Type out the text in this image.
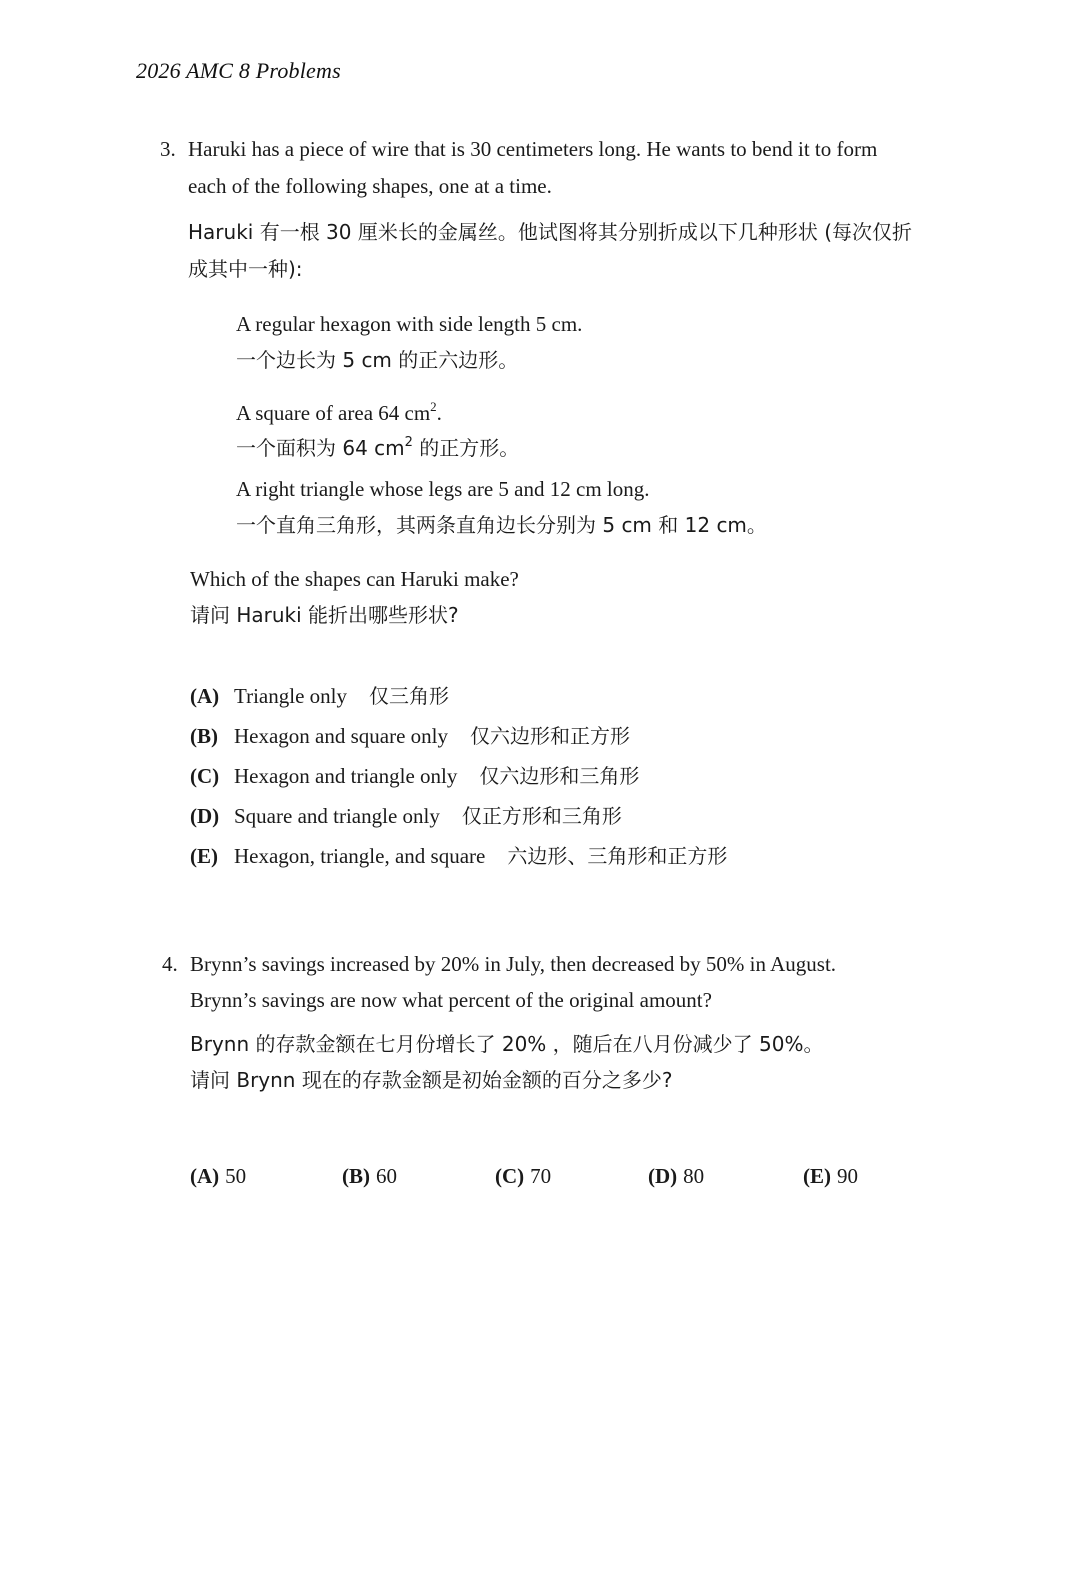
2026 AMC 8 Problems
3. Haruki has a piece of wire that is 30 centimeters long. He wants to bend it to form
each of the following shapes, one at a time.
Haruki 有一根 30 厘米长的金属丝。他试图将其分别折成以下几种形状 (每次仅折
成其中一种):
A regular hexagon with side length 5 cm.
一个边长为 5 cm 的正六边形。
A square of area 64 $cm^2$.
一个面积为 64 $cm^2$ 的正方形。
A right triangle whose legs are 5 and 12 cm long.
一个直角三角形，其两条直角边长分别为 5 cm 和 12 cm。
Which of the shapes can Haruki make?
请问 Haruki 能折出哪些形状?
(A) Triangle only 仅三角形
(B) Hexagon and square only 仅六边形和正方形
(C) Hexagon and triangle only 仅六边形和三角形
(D) Square and triangle only 仅正方形和三角形
(E) Hexagon, triangle, and square 六边形、三角形和正方形
4. Brynn’s savings increased by 20% in July, then decreased by 50% in August.
Brynn’s savings are now what percent of the original amount?
Brynn 的存款金额在七月份增长了 20% ，随后在八月份减少了 50%。
请问 Brynn 现在的存款金额是初始金额的百分之多少?
(A) 50	(B) 60	(C) 70	(D) 80	(E) 90
